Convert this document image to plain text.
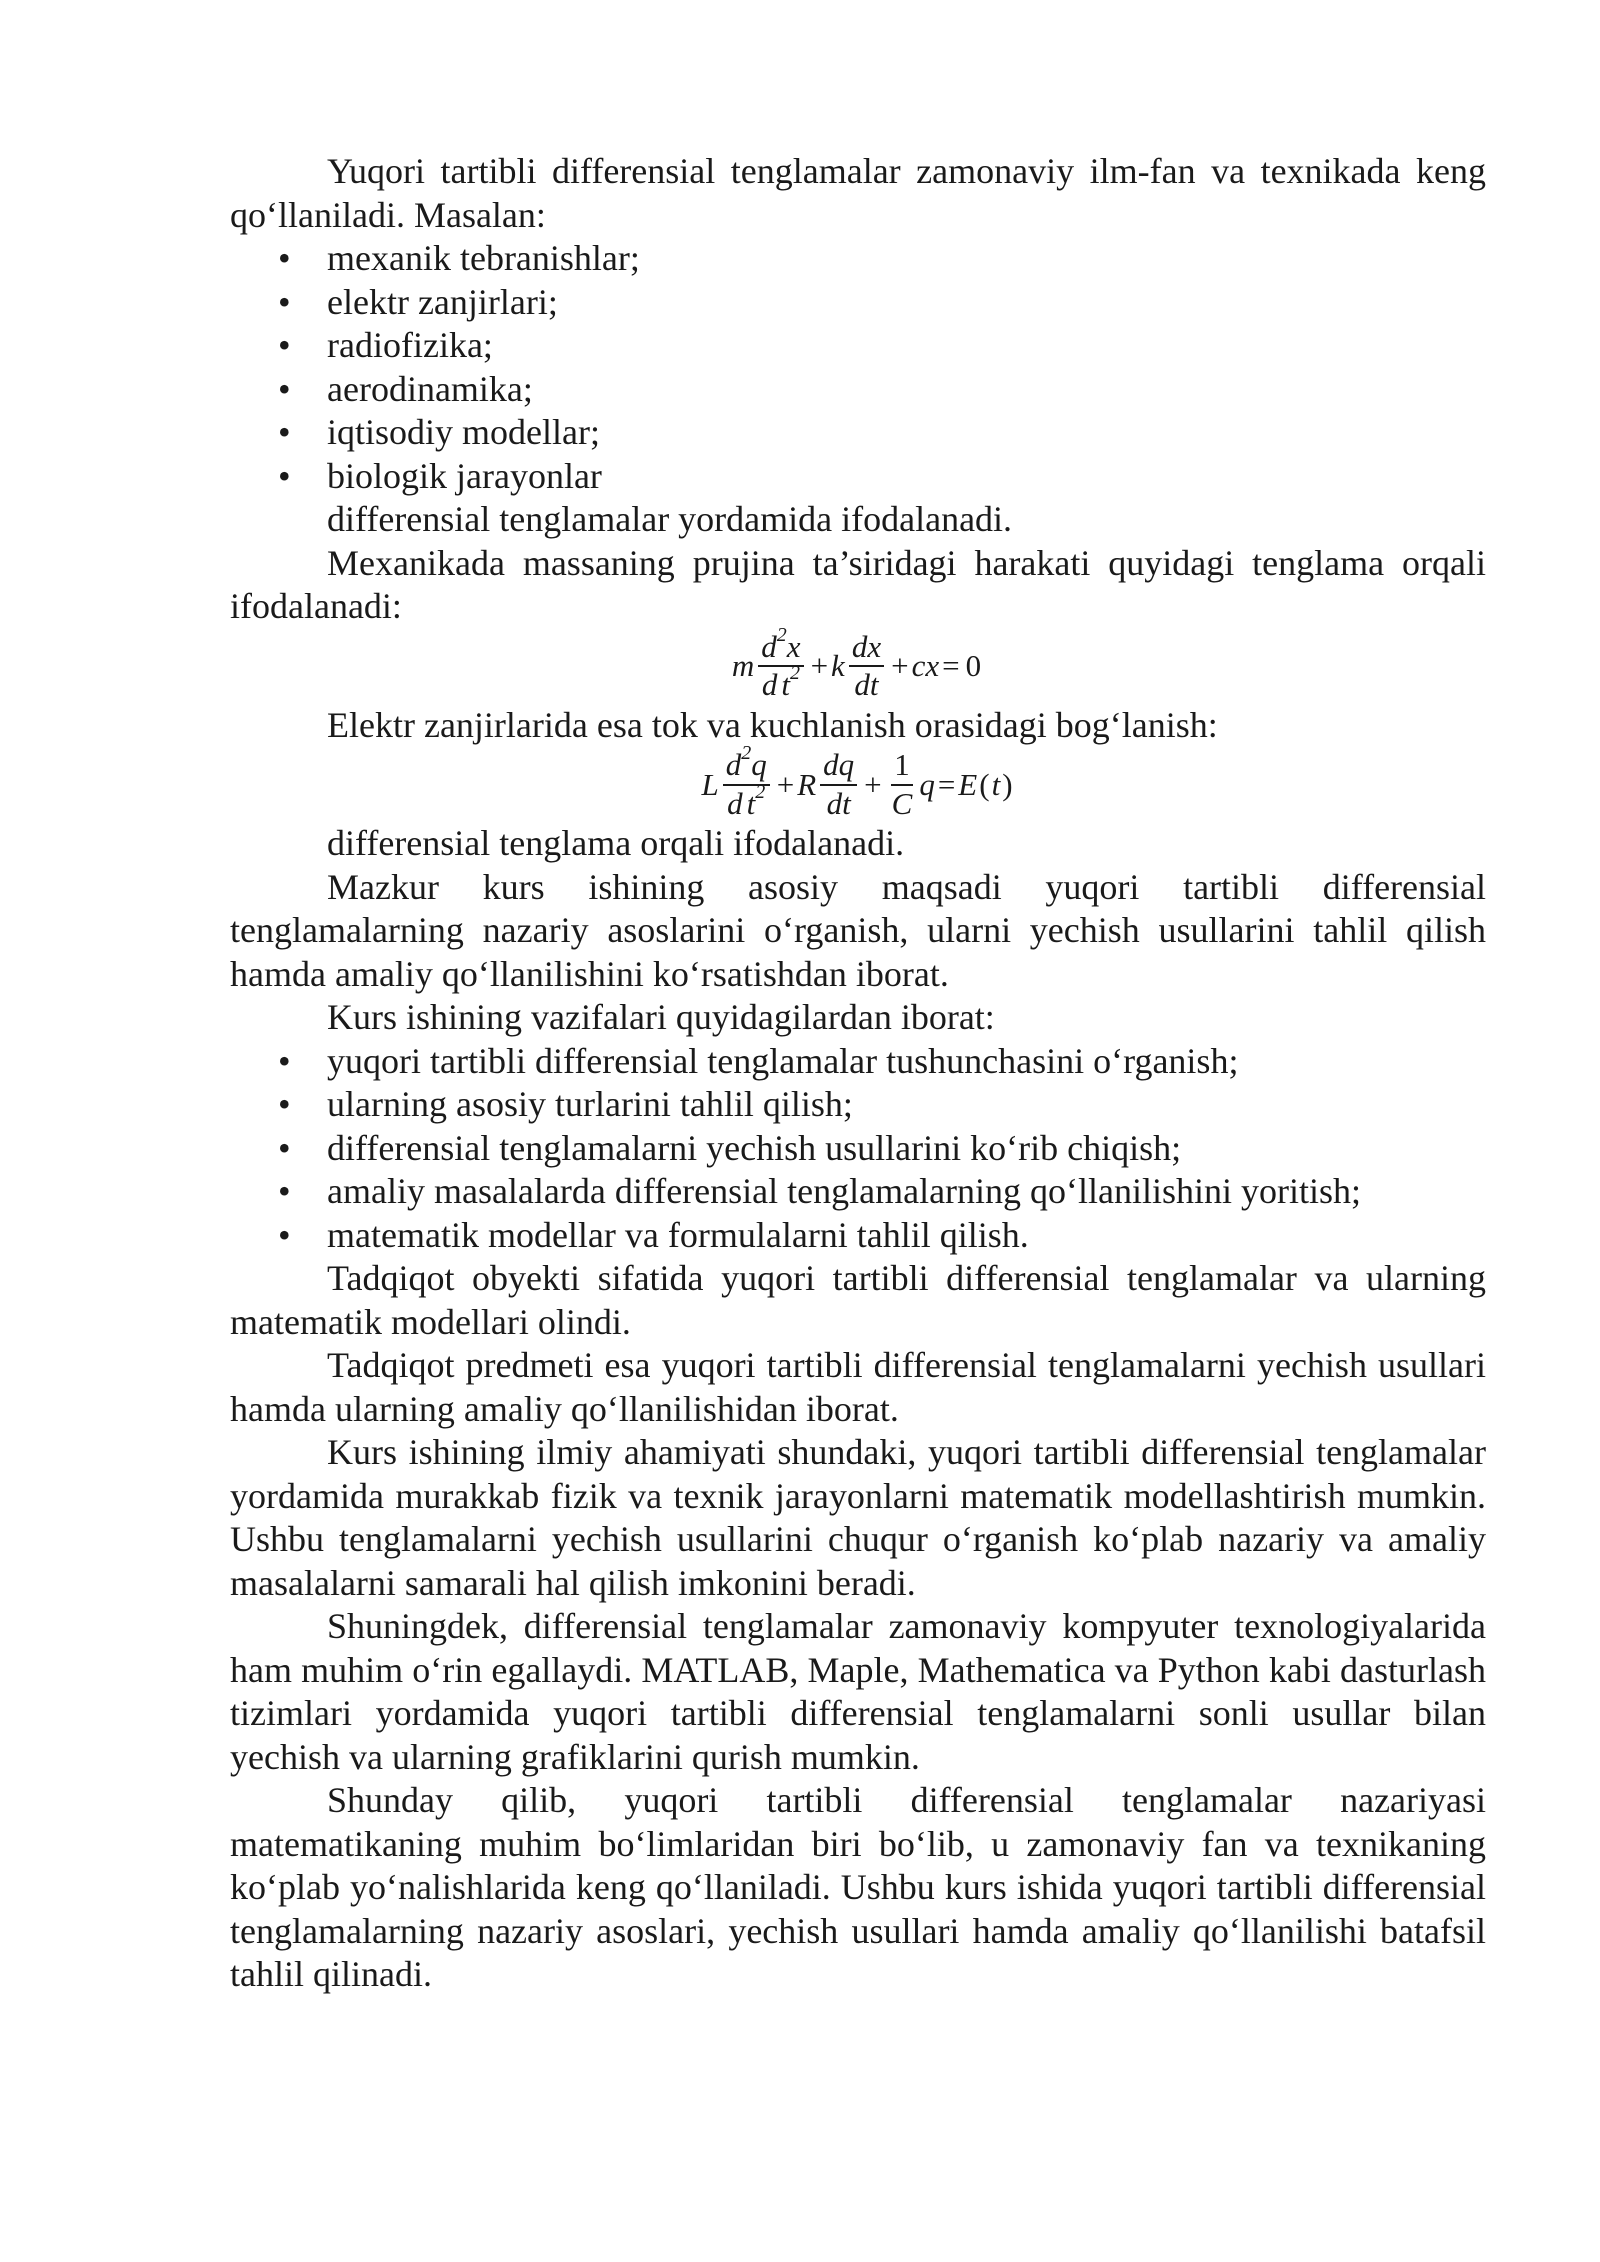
Yuqori tartibli differensial tenglamalar zamonaviy ilm-fan va texnikada keng qo‘llaniladi. Masalan:

• mexanik tebranishlar;
• elektr zanjirlari;
• radiofizika;
• aerodinamika;
• iqtisodiy modellar;
• biologik jarayonlar

differensial tenglamalar yordamida ifodalanadi.

Mexanikada massaning prujina ta’siridagi harakati quyidagi tenglama orqali ifodalanadi:

m $\frac{d^2x}{d t^2} + k \frac{dx}{dt}$ + cx = 0

Elektr zanjirlarida esa tok va kuchlanish orasidagi bog‘lanish:

L $\frac{d^2q}{d t^2} + R \frac{dq}{dt} + \frac{1}{C}$ q = E ( t )

differensial tenglama orqali ifodalanadi.

Mazkur kurs ishining asosiy maqsadi yuqori tartibli differensial tenglamalarning nazariy asoslarini o‘rganish, ularni yechish usullarini tahlil qilish hamda amaliy qo‘llanilishini ko‘rsatishdan iborat.

Kurs ishining vazifalari quyidagilardan iborat:

• yuqori tartibli differensial tenglamalar tushunchasini o‘rganish;
• ularning asosiy turlarini tahlil qilish;
• differensial tenglamalarni yechish usullarini ko‘rib chiqish;
• amaliy masalalarda differensial tenglamalarning qo‘llanilishini yoritish;
• matematik modellar va formulalarni tahlil qilish.

Tadqiqot obyekti sifatida yuqori tartibli differensial tenglamalar va ularning matematik modellari olindi.

Tadqiqot predmeti esa yuqori tartibli differensial tenglamalarni yechish usullari hamda ularning amaliy qo‘llanilishidan iborat.

Kurs ishining ilmiy ahamiyati shundaki, yuqori tartibli differensial tenglamalar yordamida murakkab fizik va texnik jarayonlarni matematik modellashtirish mumkin. Ushbu tenglamalarni yechish usullarini chuqur o‘rganish ko‘plab nazariy va amaliy masalalarni samarali hal qilish imkonini beradi.

Shuningdek, differensial tenglamalar zamonaviy kompyuter texnologiyalarida ham muhim o‘rin egallaydi. MATLAB, Maple, Mathematica va Python kabi dasturlash tizimlari yordamida yuqori tartibli differensial tenglamalarni sonli usullar bilan yechish va ularning grafiklarini qurish mumkin.

Shunday qilib, yuqori tartibli differensial tenglamalar nazariyasi matematikaning muhim bo‘limlaridan biri bo‘lib, u zamonaviy fan va texnikaning ko‘plab yo‘nalishlarida keng qo‘llaniladi. Ushbu kurs ishida yuqori tartibli differensial tenglamalarning nazariy asoslari, yechish usullari hamda amaliy qo‘llanilishi batafsil tahlil qilinadi.
